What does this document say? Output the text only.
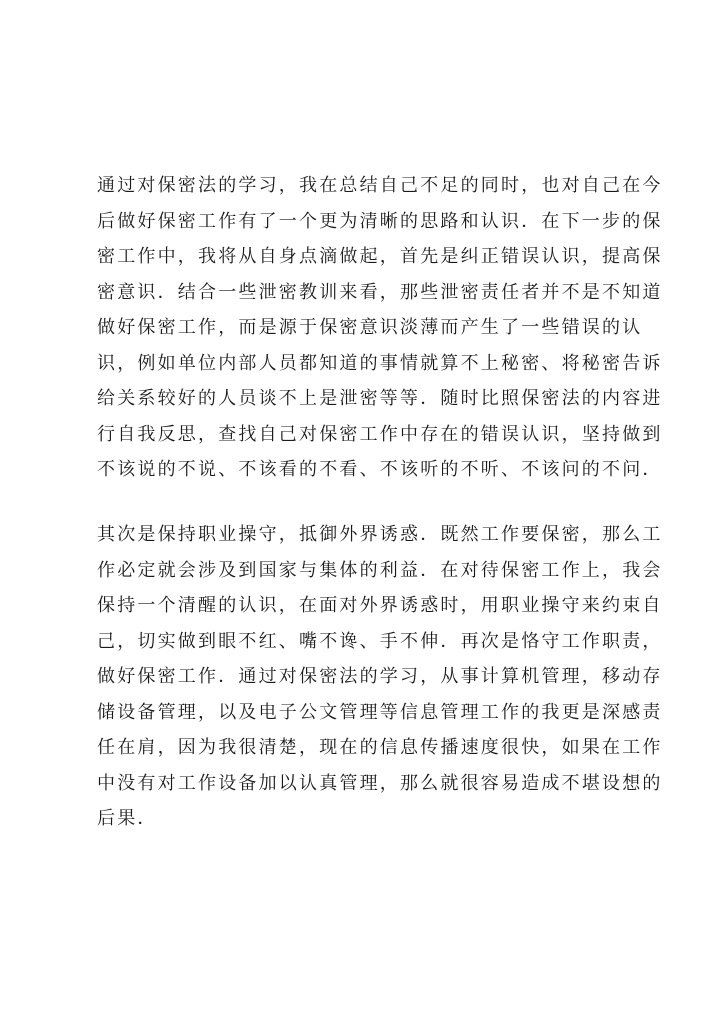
通过对保密法的学习，我在总结自己不足的同时，也对自己在今
后做好保密工作有了一个更为清晰的思路和认识．在下一步的保
密工作中，我将从自身点滴做起，首先是纠正错误认识，提高保
密意识．结合一些泄密教训来看，那些泄密责任者并不是不知道
做好保密工作，而是源于保密意识淡薄而产生了一些错误的认
识，例如单位内部人员都知道的事情就算不上秘密、将秘密告诉
给关系较好的人员谈不上是泄密等等．随时比照保密法的内容进
行自我反思，查找自己对保密工作中存在的错误认识，坚持做到
不该说的不说、不该看的不看、不该听的不听、不该问的不问．
其次是保持职业操守，抵御外界诱惑．既然工作要保密，那么工
作必定就会涉及到国家与集体的利益．在对待保密工作上，我会
保持一个清醒的认识，在面对外界诱惑时，用职业操守来约束自
己，切实做到眼不红、嘴不谗、手不伸．再次是恪守工作职责，
做好保密工作．通过对保密法的学习，从事计算机管理，移动存
储设备管理，以及电子公文管理等信息管理工作的我更是深感责
任在肩，因为我很清楚，现在的信息传播速度很快，如果在工作
中没有对工作设备加以认真管理，那么就很容易造成不堪设想的
后果．
